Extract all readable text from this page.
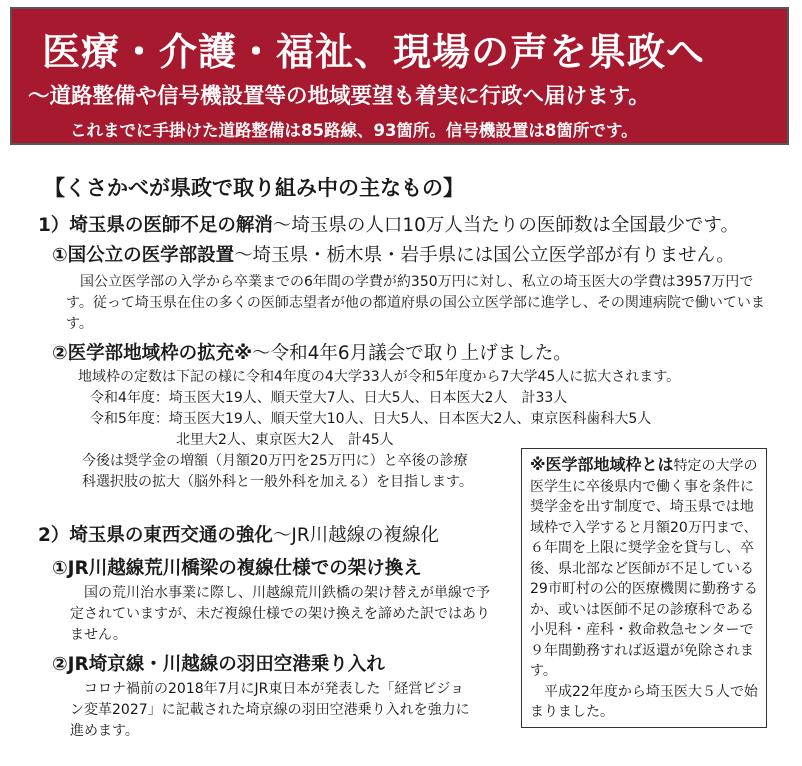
医療・介護・福祉、現場の声を県政へ
～道路整備や信号機設置等の地域要望も着実に行政へ届けます。
これまでに手掛けた道路整備は85路線、93箇所。信号機設置は8箇所です。
【くさかべが県政で取り組み中の主なもの】
1）埼玉県の医師不足の解消～埼玉県の人口10万人当たりの医師数は全国最少です。
①国公立の医学部設置～埼玉県・栃木県・岩手県には国公立医学部が有りません。
国公立医学部の入学から卒業までの6年間の学費が約350万円に対し、私立の埼玉医大の学費は3957万円です。従って埼玉県在住の多くの医師志望者が他の都道府県の国公立医学部に進学し、その関連病院で働いています。
②医学部地域枠の拡充※～令和4年6月議会で取り上げました。
地域枠の定数は下記の様に令和4年度の4大学33人が令和5年度から7大学45人に拡大されます。
令和4年度：埼玉医大19人、順天堂大7人、日大5人、日本医大2人　計33人
令和5年度：埼玉医大19人、順天堂大10人、日大5人、日本医大2人、東京医科歯科大5人
北里大2人、東京医大2人　計45人
今後は奨学金の増額（月額20万円を25万円に）と卒後の診療科選択肢の拡大（脳外科と一般外科を加える）を目指します。
2）埼玉県の東西交通の強化～JR川越線の複線化
①JR川越線荒川橋梁の複線仕様での架け換え
国の荒川治水事業に際し、川越線荒川鉄橋の架け替えが単線で予定されていますが、未だ複線仕様での架け換えを諦めた訳ではありません。
②JR埼京線・川越線の羽田空港乗り入れ
コロナ禍前の2018年7月にJR東日本が発表した「経営ビジョン変革2027」に記載された埼京線の羽田空港乗り入れを強力に進めます。
※医学部地域枠とは特定の大学の医学生に卒後県内で働く事を条件に奨学金を出す制度で、埼玉県では地域枠で入学すると月額20万円まで、６年間を上限に奨学金を貸与し、卒後、県北部など医師が不足している29市町村の公的医療機関に勤務するか、或いは医師不足の診療科である小児科・産科・救命救急センターで９年間勤務すれば返還が免除されます。
平成22年度から埼玉医大５人で始まりました。
